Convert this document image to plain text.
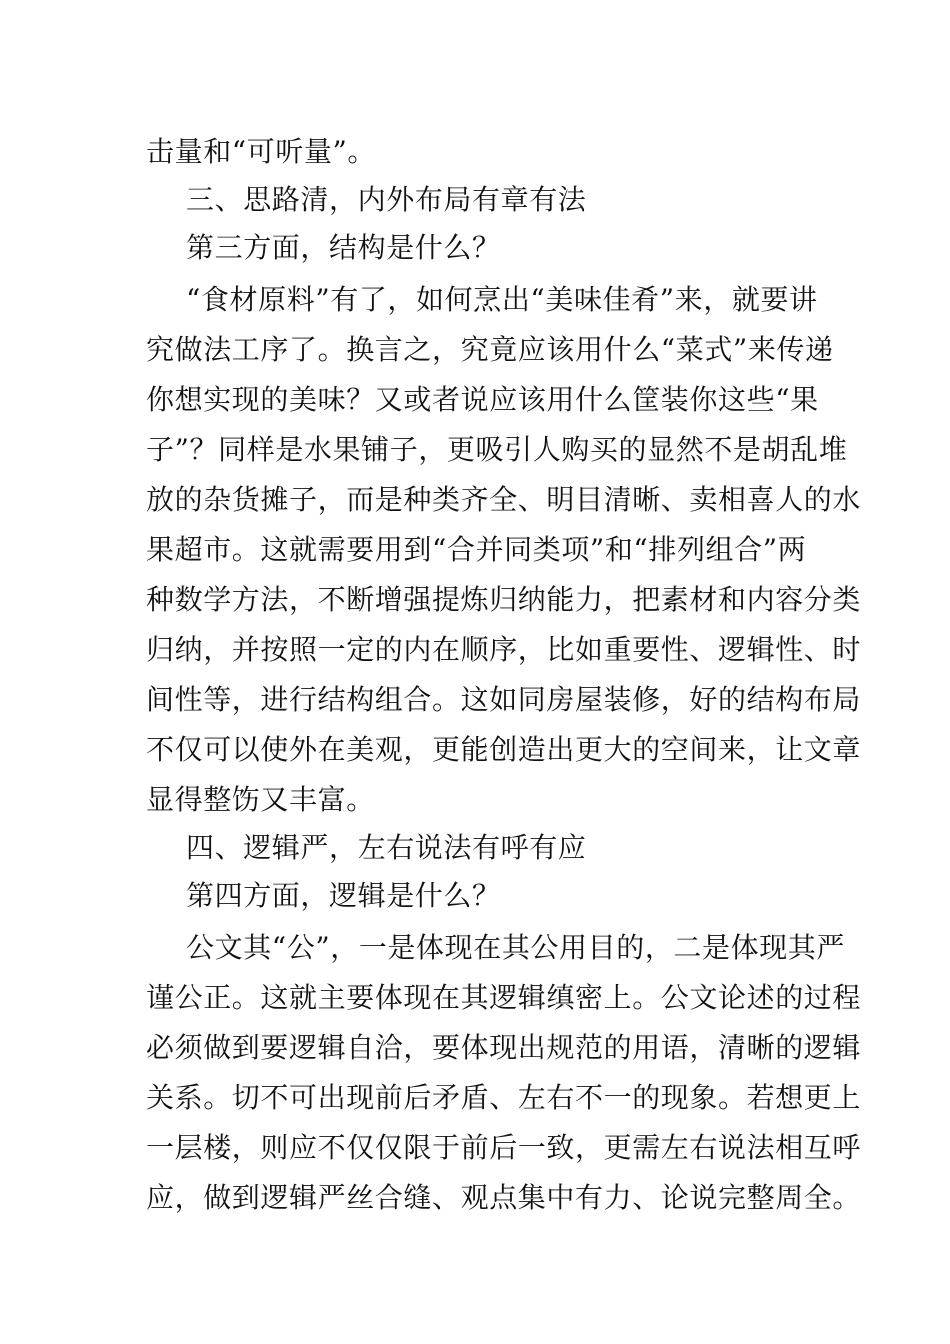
击量和“可听量”。
三、思路清，内外布局有章有法
第三方面，结构是什么？
“食材原料”有了，如何烹出“美味佳肴”来，就要讲
究做法工序了。换言之，究竟应该用什么“菜式”来传递
你想实现的美味？又或者说应该用什么筐装你这些“果
子”？同样是水果铺子，更吸引人购买的显然不是胡乱堆
放的杂货摊子，而是种类齐全、明目清晰、卖相喜人的水
果超市。这就需要用到“合并同类项”和“排列组合”两
种数学方法，不断增强提炼归纳能力，把素材和内容分类
归纳，并按照一定的内在顺序，比如重要性、逻辑性、时
间性等，进行结构组合。这如同房屋装修，好的结构布局
不仅可以使外在美观，更能创造出更大的空间来，让文章
显得整饬又丰富。
四、逻辑严，左右说法有呼有应
第四方面，逻辑是什么？
公文其“公”，一是体现在其公用目的，二是体现其严
谨公正。这就主要体现在其逻辑缜密上。公文论述的过程
必须做到要逻辑自洽，要体现出规范的用语，清晰的逻辑
关系。切不可出现前后矛盾、左右不一的现象。若想更上
一层楼，则应不仅仅限于前后一致，更需左右说法相互呼
应，做到逻辑严丝合缝、观点集中有力、论说完整周全。
